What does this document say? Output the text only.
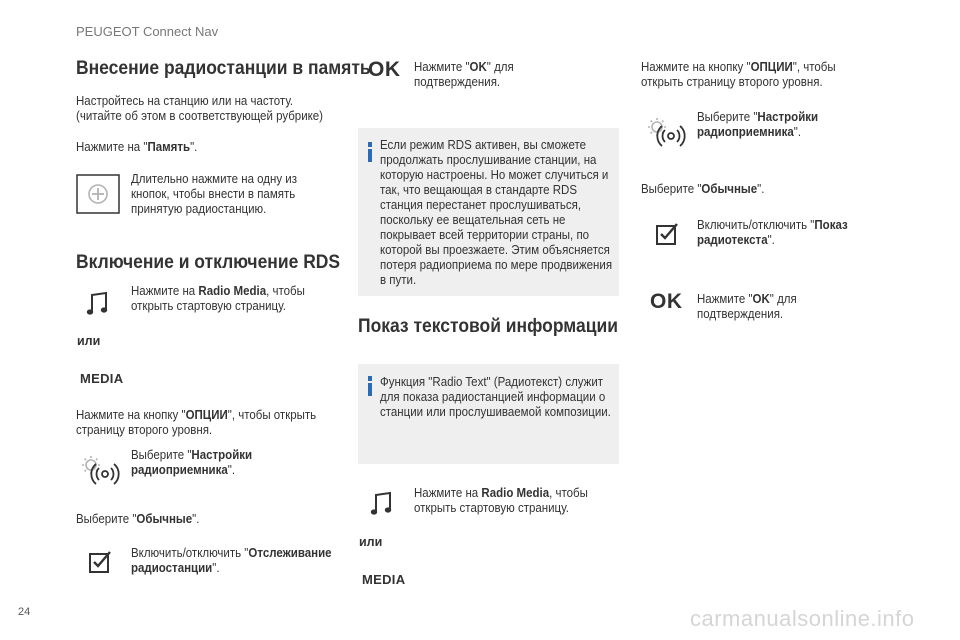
PEUGEOT Connect Nav
Внесение радиостанции в память
Настройтесь на станцию или на частоту.
(читайте об этом в соответствующей рубрике)
Нажмите на "Память".
Длительно нажмите на одну из кнопок, чтобы внести в память принятую радиостанцию.
Включение и отключение RDS
Нажмите на Radio Media, чтобы открыть стартовую страницу.
или
MEDIA
Нажмите на кнопку "ОПЦИИ", чтобы открыть страницу второго уровня.
Выберите "Настройки радиоприемника".
Выберите "Обычные".
Включить/отключить "Отслеживание радиостанции".
OK Нажмите "OK" для подтверждения.
Если режим RDS активен, вы сможете продолжать прослушивание станции, на которую настроены. Но может случиться и так, что вещающая в стандарте RDS станция перестанет прослушиваться, поскольку ее вещательная сеть не покрывает всей территории страны, по которой вы проезжаете. Этим объясняется потеря радиоприема по мере продвижения в пути.
Показ текстовой информации
Функция "Radio Text" (Радиотекст) служит для показа радиостанцией информации о станции или прослушиваемой композиции.
Нажмите на Radio Media, чтобы открыть стартовую страницу.
или
MEDIA
Нажмите на кнопку "ОПЦИИ", чтобы открыть страницу второго уровня.
Выберите "Настройки радиоприемника".
Выберите "Обычные".
Включить/отключить "Показ радиотекста".
OK Нажмите "OK" для подтверждения.
24	carmanualsonline.info
